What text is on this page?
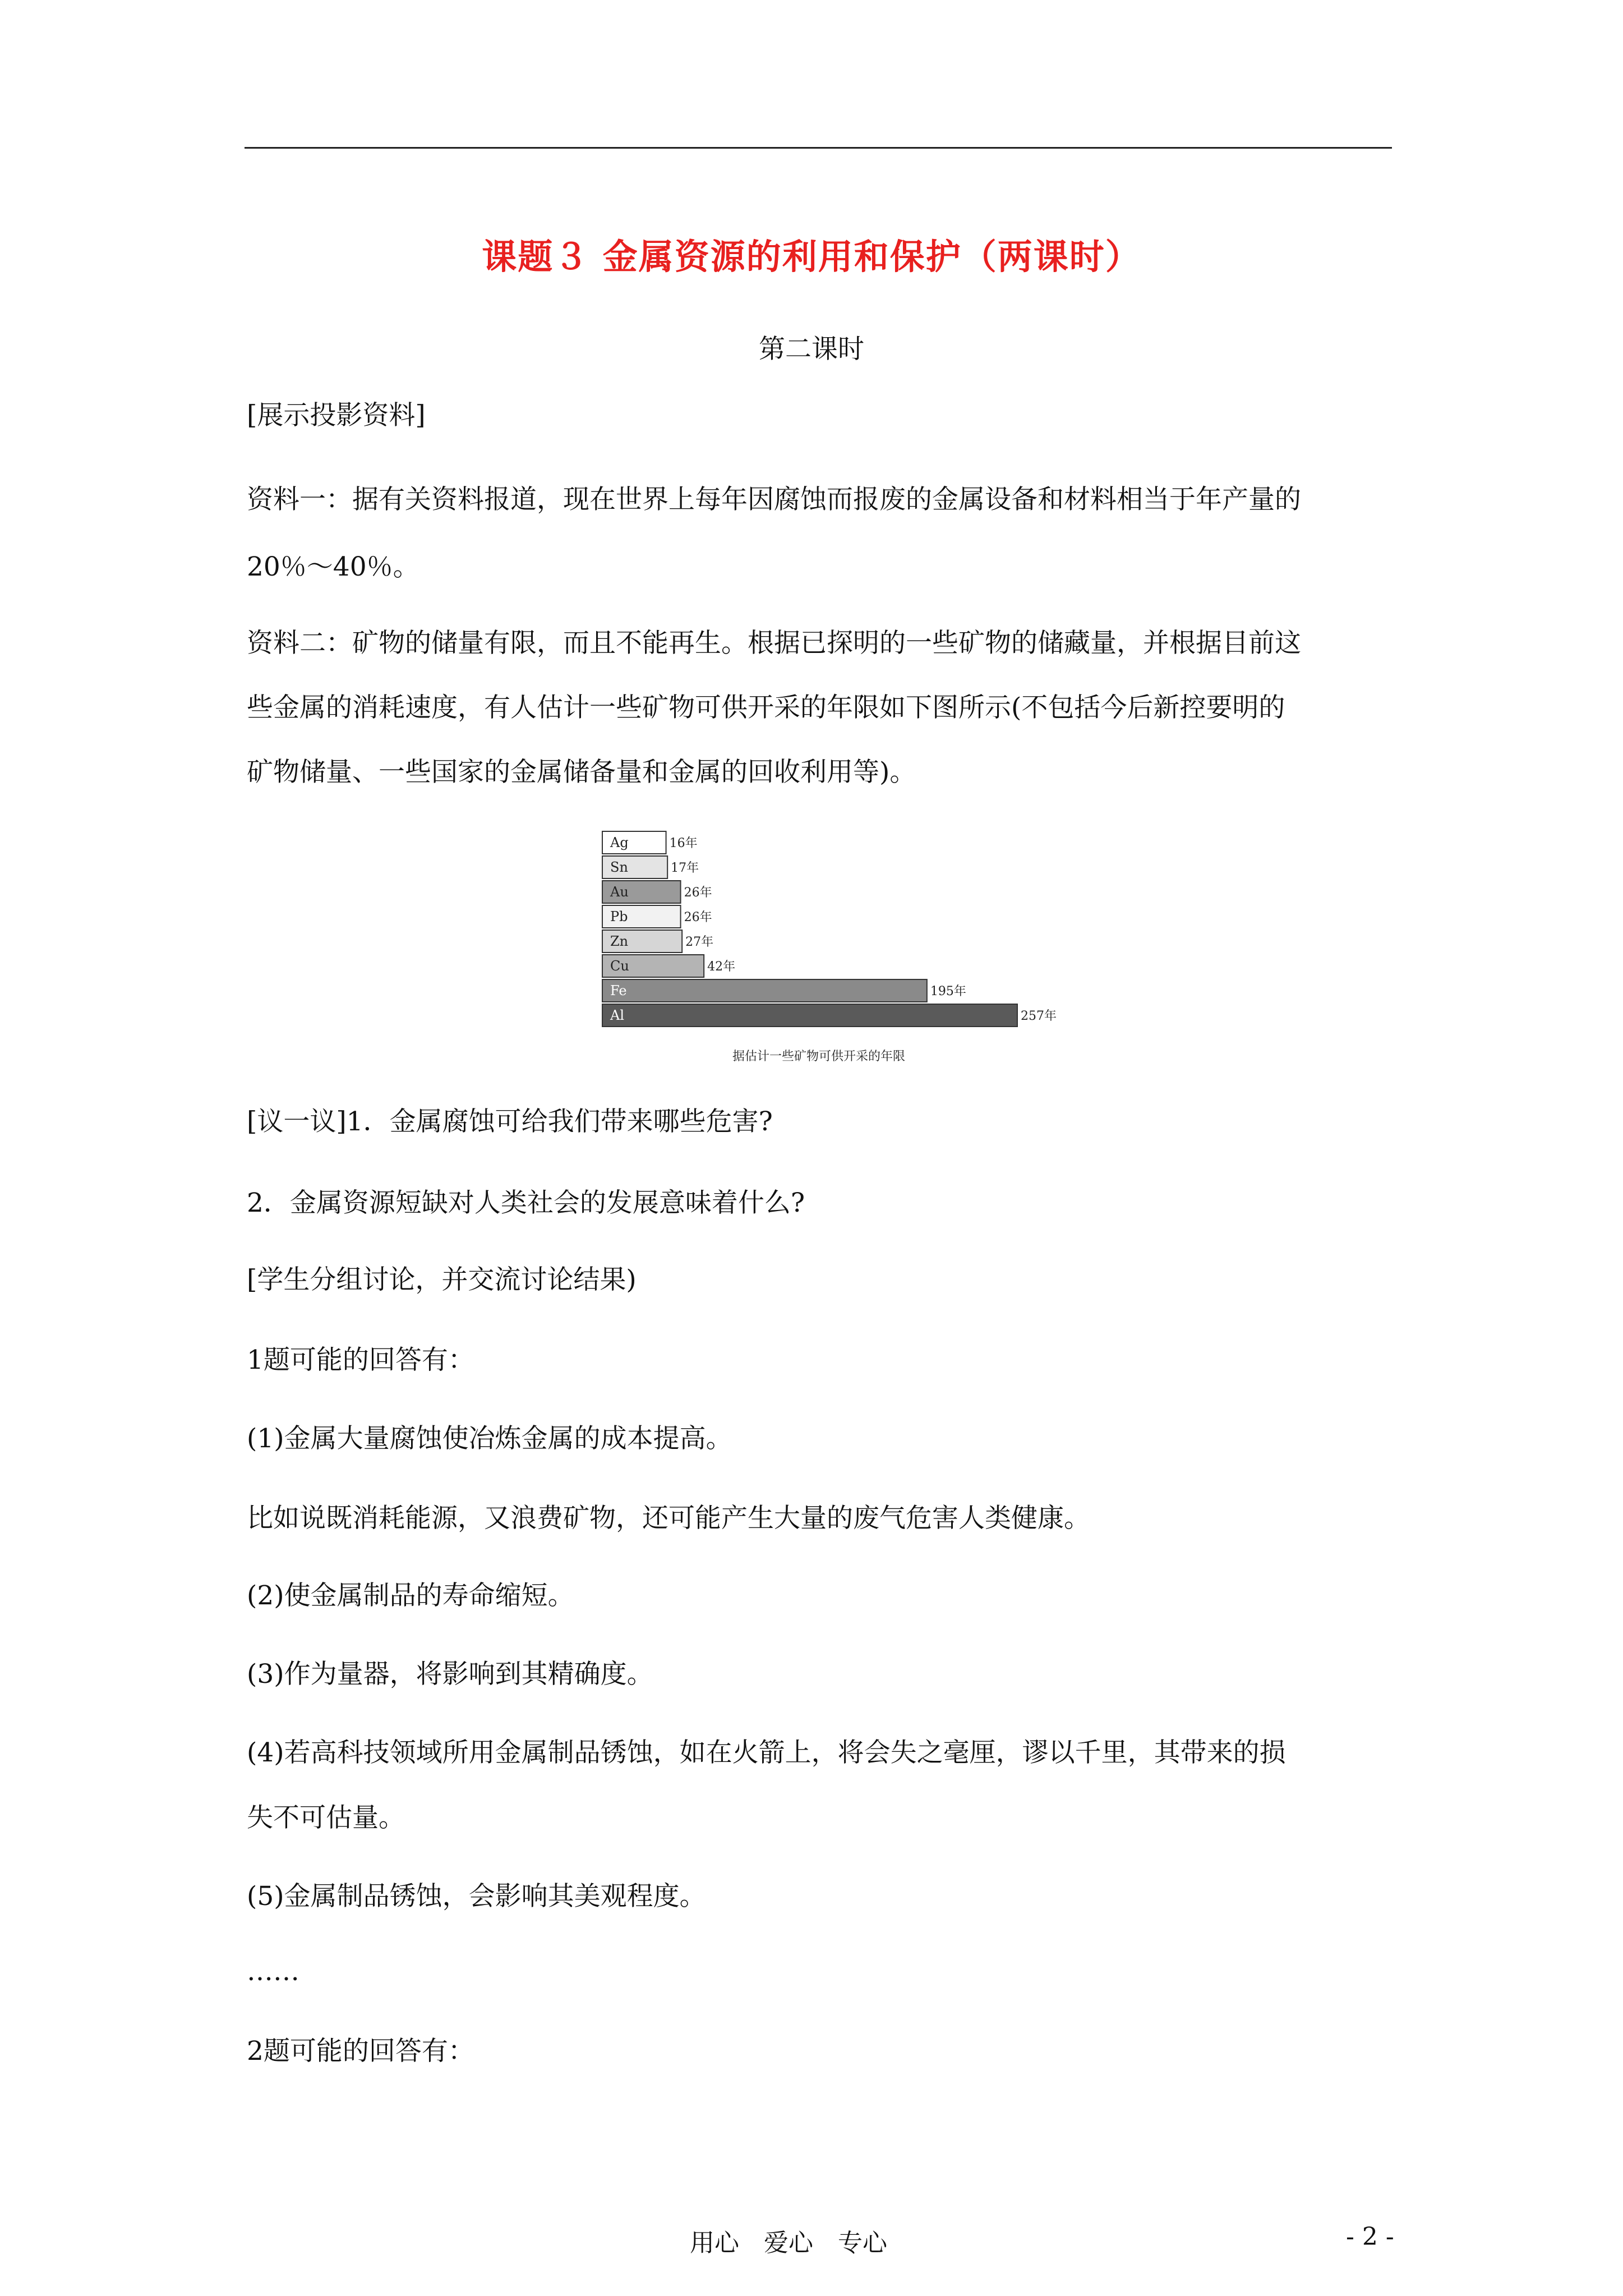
课题３ 金属资源的利用和保护（两课时）
第二课时

[展示投影资料]

资料一：据有关资料报道，现在世界上每年因腐蚀而报废的金属设备和材料相当于年产量的

20％～40％。

资料二：矿物的储量有限，而且不能再生。根据已探明的一些矿物的储藏量，并根据目前这

些金属的消耗速度，有人估计一些矿物可供开采的年限如下图所示(不包括今后新控要明的

矿物储量、一些国家的金属储备量和金属的回收利用等)。

Ag	16年
Sn	17年
Au	26年
Pb	26年
Zn	27年
Cu	42年
Fe	195年
Al	257年
据估计一些矿物可供开采的年限

[议一议]1．金属腐蚀可给我们带来哪些危害?

2．金属资源短缺对人类社会的发展意味着什么?

[学生分组讨论，并交流讨论结果)

1题可能的回答有：

(1)金属大量腐蚀使冶炼金属的成本提高。

比如说既消耗能源，又浪费矿物，还可能产生大量的废气危害人类健康。

(2)使金属制品的寿命缩短。

(3)作为量器，将影响到其精确度。

(4)若高科技领域所用金属制品锈蚀，如在火箭上，将会失之毫厘，谬以千里，其带来的损

失不可估量。

(5)金属制品锈蚀，会影响其美观程度。

……

2题可能的回答有：

用心　爱心　专心	- 2 -
